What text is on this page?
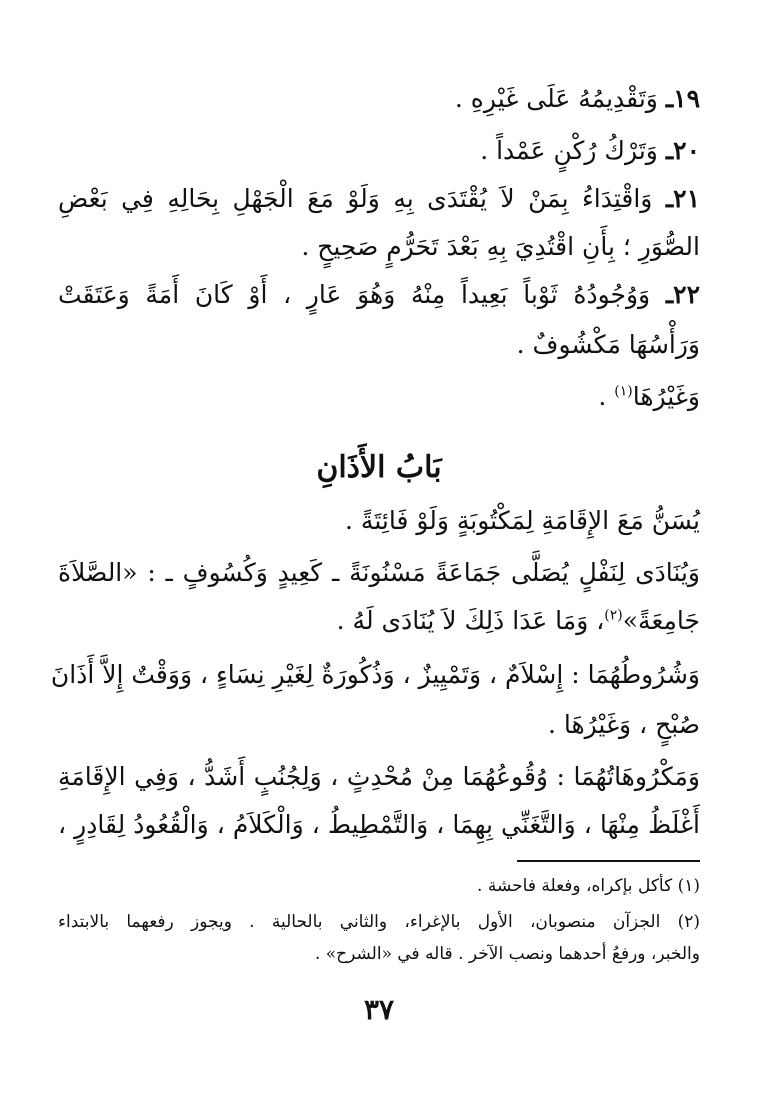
١٩ـ وَتَقْدِيمُهُ عَلَى غَيْرِهِ .
٢٠ـ وَتَرْكُ رُكْنٍ عَمْداً .
٢١ـ وَاقْتِدَاءُ بِمَنْ لاَ يُقْتَدَى بِهِ وَلَوْ مَعَ الْجَهْلِ بِحَالِهِ فِي بَعْضِ
الصُّوَرِ ؛ بِأَنِ اقْتُدِيَ بِهِ بَعْدَ تَحَرُّمٍ صَحِيحٍ .
٢٢ـ وَوُجُودُهُ ثَوْباً بَعِيداً مِنْهُ وَهُوَ عَارٍ ، أَوْ كَانَ أَمَةً وَعَتَقَتْ
وَرَأْسُهَا مَكْشُوفٌ .
وَغَيْرُهَا$^{(١)}$ .
بَابُ الأَذَانِ
يُسَنُّ مَعَ الإِقَامَةِ لِمَكْتُوبَةٍ وَلَوْ فَائِتَةً .
وَيُنَادَى لِنَفْلٍ يُصَلَّى جَمَاعَةً مَسْنُونَةً ـ كَعِيدٍ وَكُسُوفٍ ـ : «الصَّلاَةَ
جَامِعَةً»$^{(٢)}$، وَمَا عَدَا ذَلِكَ لاَ يُنَادَى لَهُ .
وَشُرُوطُهُمَا : إِسْلاَمٌ ، وَتَمْيِيزٌ ، وَذُكُورَةٌ لِغَيْرِ نِسَاءٍ ، وَوَقْتٌ إِلاَّ أَذَانَ
صُبْحٍ ، وَغَيْرُهَا .
وَمَكْرُوهَاتُهُمَا : وُقُوعُهُمَا مِنْ مُحْدِثٍ ، وَلِجُنُبٍ أَشَدُّ ، وَفِي الإِقَامَةِ
أَغْلَظُ مِنْهَا ، وَالتَّغَنِّي بِهِمَا ، وَالتَّمْطِيطُ ، وَالْكَلاَمُ ، وَالْقُعُودُ لِقَادِرٍ ،
(١) كأكل بإكراه، وفعلة فاحشة .
(٢) الجزآن منصوبان، الأول بالإغراء، والثاني بالحالية . ويجوز رفعهما بالابتداء
والخبر، ورفعُ أحدهما ونصب الآخر . قاله في «الشرح» .
٣٧
